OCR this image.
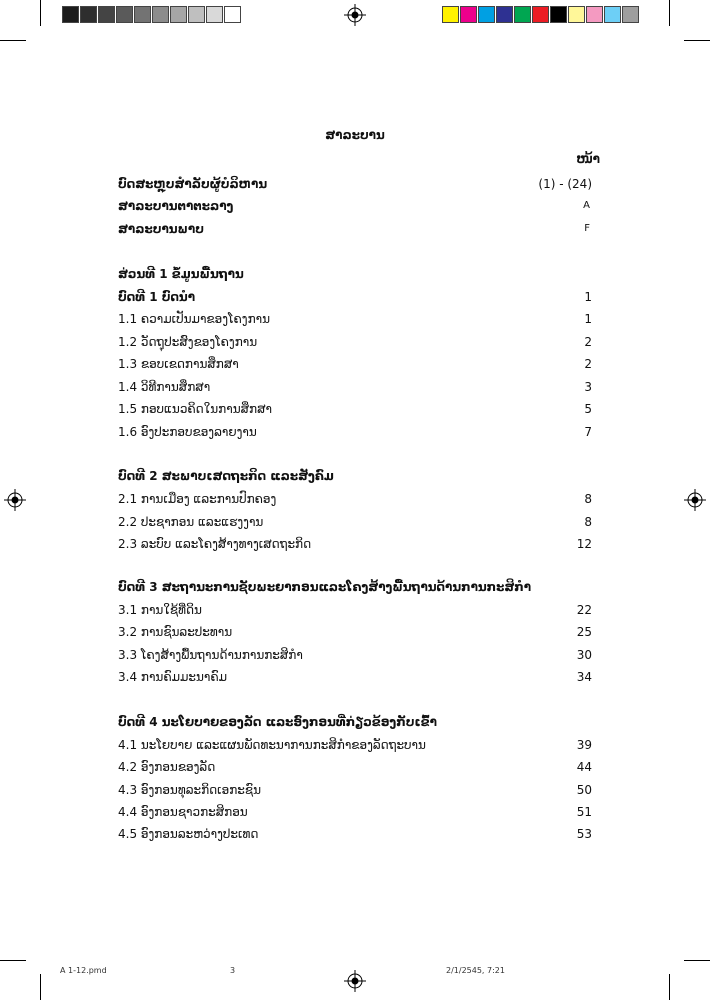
ສາລະບານ
ໜ້າ
ບົດສະຫຼຸບສຳລັບຜູ້ບໍລິຫານ	(1) - (24)
ສາລະບານຕາຕະລາງ	A
ສາລະບານພາບ	F
ສ່ວນທີ 1 ຂໍ້ມູນພື້ນຖານ
ບົດທີ 1 ບົດນຳ	1
1.1 ຄວາມເປັນມາຂອງໂຄງການ	1
1.2 ວັດຖຸປະສົງຂອງໂຄງການ	2
1.3 ຂອບເຂດການສຶກສາ	2
1.4 ວິທີການສຶກສາ	3
1.5 ກອບແນວຄິດໃນການສຶກສາ	5
1.6 ອົງປະກອບຂອງລາຍງານ	7
ບົດທີ 2 ສະພາບເສດຖະກິດ ແລະສັງຄົມ
2.1 ການເມືອງ ແລະການປົກຄອງ	8
2.2 ປະຊາກອນ ແລະແຮງງານ	8
2.3 ລະບົບ ແລະໂຄງສ້າງທາງເສດຖະກິດ	12
ບົດທີ 3 ສະຖານະການຊັບພະຍາກອນແລະໂຄງສ້າງພື້ນຖານດ້ານການກະສິກຳ
3.1 ການໃຊ້ທີ່ດິນ	22
3.2 ການຊົນລະປະທານ	25
3.3 ໂຄງສ້າງພື້ນຖານດ້ານການກະສິກຳ	30
3.4 ການຄົມມະນາຄົມ	34
ບົດທີ 4 ນະໂຍບາຍຂອງລັດ ແລະອົງກອນທີ່ກ່ຽວຂ້ອງກັບເຂົ້າ
4.1 ນະໂຍບາຍ ແລະແຜນພັດທະນາການກະສິກຳຂອງລັດຖະບານ	39
4.2 ອົງກອນຂອງລັດ	44
4.3 ອົງກອນທຸລະກິດເອກະຊົນ	50
4.4 ອົງກອນຊາວກະສິກອນ	51
4.5 ອົງກອນລະຫວ່າງປະເທດ	53
A 1-12.pmd	3	2/1/2545, 7:21
